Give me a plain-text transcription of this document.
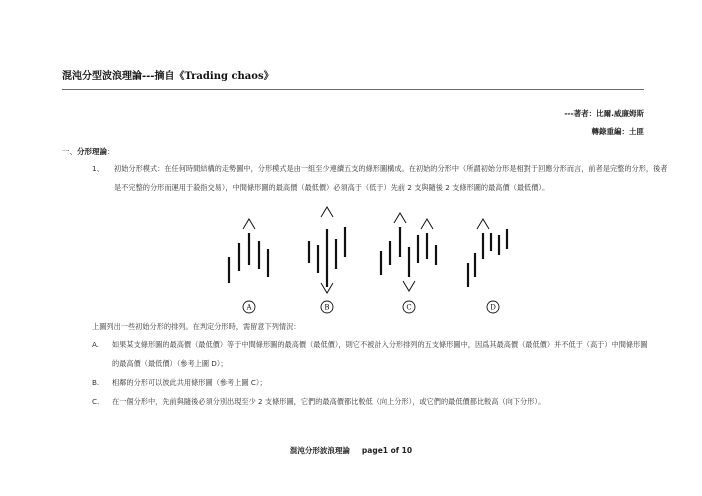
混沌分型波浪理論---摘自《Trading chaos》
---著者：比爾.威廉姆斯
轉錄重編：土匪
一、分形理論：
1、 初始分形模式：在任何時間結構的走勢圖中，分形模式是由一組至少連續五支的條形圖構成。在初始的分形中（所謂初始分形是相對于回應分形而言，前者是完整的分形，後者是不完整的分形而運用于殺指交易），中間條形圖的最高價（最低價）必須高于（低于）先前 2 支與隨後 2 支條形圖的最高價（最低價）。
A	B	C	D
上圖列出一些初始分形的排列。在判定分形時，需留意下列情況：
A. 如果某支條形圖的最高價（最低價）等于中間條形圖的最高價（最低價），則它不被計入分形排列的五支條形圖中，因爲其最高價（最低價）并不低于（高于）中間條形圖的最高價（最低價）（參考上圖 D）；
B. 相鄰的分形可以彼此共用條形圖（參考上圖 C）；
C. 在一個分形中，先前與隨後必須分別出現至少 2 支條形圖，它們的最高價都比較低（向上分形），或它們的最低價都比較高（向下分形）。
混沌分形波浪理論 page1 of 10
